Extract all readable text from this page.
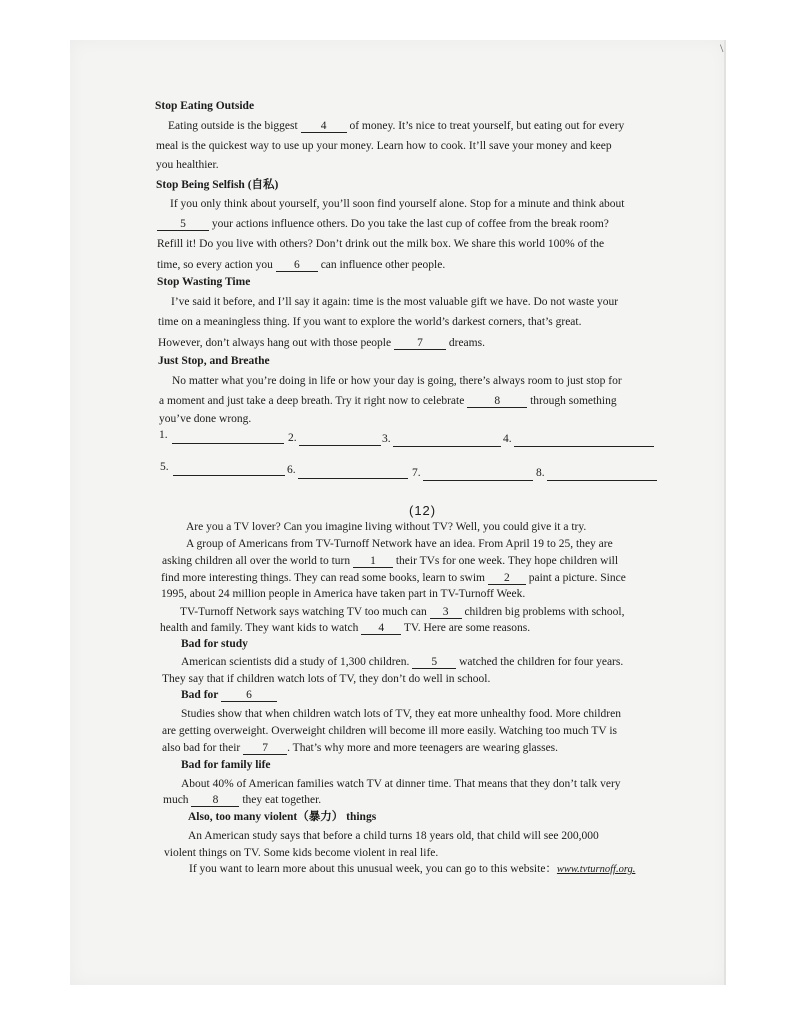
\
Stop Eating Outside
Eating outside is the biggest 4 of money. It’s nice to treat yourself, but eating out for every
meal is the quickest way to use up your money. Learn how to cook. It’ll save your money and keep
you healthier.
Stop Being Selfish (自私)
If you only think about yourself, you’ll soon find yourself alone. Stop for a minute and think about
5 your actions influence others. Do you take the last cup of coffee from the break room?
Refill it! Do you live with others? Don’t drink out the milk box. We share this world 100% of the
time, so every action you 6 can influence other people.
Stop Wasting Time
I’ve said it before, and I’ll say it again: time is the most valuable gift we have. Do not waste your
time on a meaningless thing. If you want to explore the world’s darkest corners, that’s great.
However, don’t always hang out with those people 7 dreams.
Just Stop, and Breathe
No matter what you’re doing in life or how your day is going, there’s always room to just stop for
a moment and just take a deep breath. Try it right now to celebrate	8	through something
you’ve done wrong.
1.	2.	3.	4.
5.	6.	7.	8.
(12)
Are you a TV lover? Can you imagine living without TV? Well, you could give it a try.
A group of Americans from TV-Turnoff Network have an idea. From April 19 to 25, they are
asking children all over the world to turn 1 their TVs for one week. They hope children will
find more interesting things. They can read some books, learn to swim 2 paint a picture. Since
1995, about 24 million people in America have taken part in TV-Turnoff Week.
TV-Turnoff Network says watching TV too much can 3 children big problems with school,
health and family. They want kids to watch 4 TV. Here are some reasons.
Bad for study
American scientists did a study of 1,300 children. 5 watched the children for four years.
They say that if children watch lots of TV, they don’t do well in school.
Bad for 6
Studies show that when children watch lots of TV, they eat more unhealthy food. More children
are getting overweight. Overweight children will become ill more easily. Watching too much TV is
also bad for their 7 . That’s why more and more teenagers are wearing glasses.
Bad for family life
About 40% of American families watch TV at dinner time. That means that they don’t talk very
much 8 they eat together.
Also, too many violent（暴力） things
An American study says that before a child turns 18 years old, that child will see 200,000
violent things on TV. Some kids become violent in real life.
If you want to learn more about this unusual week, you can go to this website：www.tvturnoff.org.
